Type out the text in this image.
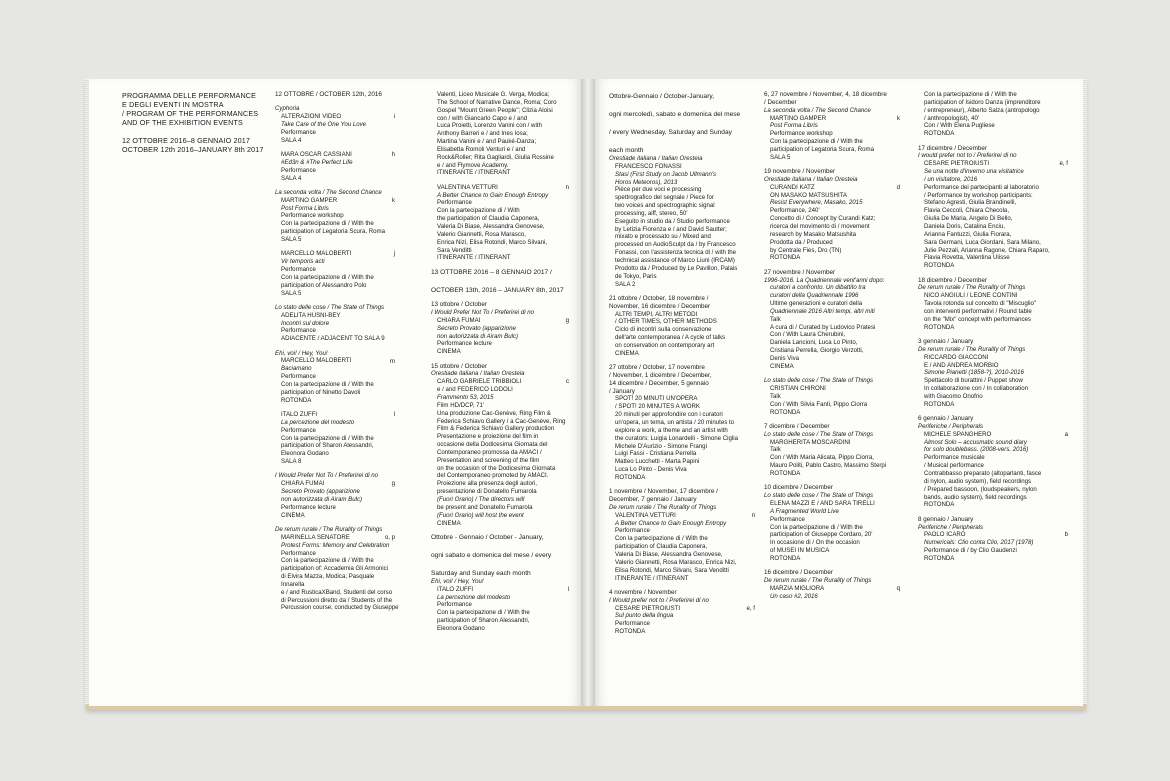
PROGRAMMA DELLE PERFORMANCE
E DEGLI EVENTI IN MOSTRA
/ PROGRAM OF THE PERFORMANCES
AND OF THE EXHIBITION EVENTS
12 OTTOBRE 2016–8 GENNAIO 2017
OCTOBER 12th 2016–JANUARY 8th 2017
12 OTTOBRE / OCTOBER 12th, 2016
Cyphoria
ALTERAZIONI VIDEO	i
Take Care of the One You Love
Performance
SALA 4
MARA OSCAR CASSIANI	h
#Ed3n & #The Perfect Life
Performance
SALA 4
La seconda volta / The Second Chance
MARTINO GAMPER	k
Post Forma Libris
Performance workshop
Con la partecipazione di / With the
participation of Legatoria Scura, Roma
SALA 5
MARCELLO MALOBERTI	j
Vir temporis acti
Performance
Con la partecipazione di / With the
participation of Alessandro Polo
SALA 5
Lo stato delle cose / The State of Things
ADELITA HUSNI-BEY
Incontri sul dolore
Performance
ADIACENTE / ADJACENT TO SALA 9
Ehi, voi! / Hey, You!
MARCELLO MALOBERTI	m
Baciamano
Performance
Con la partecipazione di / With the
participation of Ninetto Davoli
ROTONDA
ITALO ZUFFI	l
La percezione del modesto
Performance
Con la partecipazione di / With the
participation of Sharon Alessandri,
Eleonora Godano
SALA 8
I Would Prefer Not To / Preferirei di no
CHIARA FUMAI	g
Secreto Provato (apparizione
non autorizzata di Airam Bulc)
Performance lecture
CINEMA
De rerum rurale / The Rurality of Things
MARINELLA SENATORE	o, p
Protest Forms: Memory and Celebration
Performance
Con la partecipazione di / With the
participation of: Accademia Gli Armonici
di Elvira Mazza, Modica; Pasquale Innarella
e / and RusticaXBand, Studenti del corso
di Percussioni diretto da / Students of the
Percussion course, conducted by Giuseppe
Valenti, Liceo Musicale G. Verga, Modica;
The School of Narrative Dance, Roma; Coro
Gospel "Mount Green People"; Clizia Aloisi
con / with Giancarlo Capo e / and
Luca Proietti, Lorenzo Vanini con / with
Anthony Barreri e / and Ines Iosa;
Martina Vanini e / and Pauké-Danza;
Elisabetta Romoli Venturi e / and
Rock&Roller; Rita Gagliardi, Giulia Rossine
e / and Flymove Academy.
ITINERANTE / ITINERANT
VALENTINA VETTURI	n
A Better Chance to Gain Enough Entropy
Performance
Con la partecipazione di / With
the participation of Claudia Caponera,
Valeria Di Biase, Alessandra Genovese,
Valerio Giannetti, Rosa Marasco,
Enrica Nizi, Elisa Rotondi, Marco Silvani,
Sara Venditti
ITINERANTE / ITINERANT
13 OTTOBRE 2016 – 8 GENNAIO 2017 /
OCTOBER 13th, 2016 – JANUARY 8th, 2017
13 ottobre / October
I Would Prefer Not To / Preferirei di no
CHIARA FUMAI	g
Secreto Provato (apparizione
non autorizzata di Airam Bulc)
Performance lecture
CINEMA
15 ottobre / October
Orestiade italiana / Italian Oresteia
CARLO GABRIELE TRIBBIOLI	c
e / and FEDERICO LODOLI
Frammento 53, 2015
Film HD/DCP, 71'
Una produzione Cac-Genève, Ring Film &
Federica Schiavo Gallery / a Cac-Genève, Ring
Film & Federica Schiavo Gallery production
Presentazione e proiezione del film in
occasione della Dodicesima Giornata del
Contemporaneo promossa da AMACI /
Presentation and screening of the film
on the occasion of the Dodicesima Giornata
del Contemporaneo promoted by AMACI.
Proiezione alla presenza degli autori,
presentazione di Donatello Fumarola
(Fuori Orario) / The directors will
be present and Donatello Fumarola
(Fuori Orario) will host the event
CINEMA
Ottobre - Gennaio / October - January,
ogni sabato e domenica del mese / every
Saturday and Sunday each month
Ehi, voi! / Hey, You!
ITALO ZUFFI	l
La percezione del modesto
Performance
Con la partecipazione di / With the
participation of Sharon Alessandri,
Eleonora Godano
Ottobre-Gennaio / October-January,
ogni mercoledì, sabato e domenica del mese
/ every Wednesday, Saturday and Sunday
each month
Orestiade italiana / Italian Oresteia
FRANCESCO FONASSI
Stasi (First Study on Jacob Ullmann's
Horos Meteoros), 2013
Pièce per due voci e processing
spettrografico del segnale / Piece for
two voices and spectrographic signal
processing, aiff, stereo, 50'
Eseguito in studio da / Studio performance
by Letizia Fiorenza e / and David Sautter;
mixato e processato su / Mixed and
processed on AudioSculpt da / by Francesco
Fonassi, con l'assistenza tecnica di / with the
technical assistance of Marco Liuni (IRCAM)
Prodotto da / Produced by Le Pavillon, Palais
de Tokyo, Paris
SALA 2
21 ottobre / October, 18 novembre /
November, 16 dicembre / December
ALTRI TEMPI, ALTRI METODI
/ OTHER TIMES, OTHER METHODS
Ciclo di incontri sulla conservazione
dell'arte contemporanea / A cycle of talks
on conservation on contemporary art
CINEMA
27 ottobre / October, 17 novembre
/ November, 1 dicembre / December,
14 dicembre / December, 5 gennaio
/ January
SPOT! 20 MINUTI UN'OPERA
/ SPOT! 20 MINUTES A WORK
20 minuti per approfondire con i curatori
un'opera, un tema, un artista / 20 minutes to
explore a work, a theme and an artist with
the curators: Luigia Lonardelli - Simone Ciglia
Michele D'Aurizio - Simone Frangi
Luigi Fassi - Cristiana Perrella
Matteo Lucchetti - Marta Papini
Luca Lo Pinto - Denis Viva
ROTONDA
1 novembre / November, 17 dicembre /
December, 7 gennaio / January
De rerum rurale / The Rurality of Things
VALENTINA VETTURI	n
A Better Chance to Gain Enough Entropy
Performance
Con la partecipazione di / With the
participation of Claudia Caponera,
Valeria Di Biase, Alessandra Genovese,
Valerio Giannetti, Rosa Marasco, Enrica Nizi,
Elisa Rotondi, Marco Silvani, Sara Venditti
ITINERANTE / ITINERANT
4 novembre / November
I Would prefer not to / Preferirei di no
CESARE PIETROIUSTI	e, f
Sul punto della lingua
Performance
ROTONDA
6, 27 novembre / November, 4, 18 dicembre
/ December
La seconda volta / The Second Chance
MARTINO GAMPER	k
Post Forma Libris
Performance workshop
Con la partecipazione di / With the
participation of Legatoria Scura, Roma
SALA 5
19 novembre / November
Orestiade italiana / Italian Oresteia
CURANDI KATZ	d
ON MASAKO MATSUSHITA
Resist Everywhere, Masako, 2015
Performance, 240'
Concetto di / Concept by Curandi Katz;
ricerca del movimento di / movement
research by Masako Matsushita
Prodotta da / Produced
by Centrale Fies, Dro (TN)
ROTONDA
27 novembre / November
1996-2016. La Quadriennale vent'anni dopo:
curatori a confronto. Un dibattito tra
curatori della Quadriennale 1996
Ultime generazioni e curatori della
Quadriennale 2016 Altri tempi, altri miti
Talk
A cura di / Curated by Ludovico Pratesi
Con / With Laura Cherubini,
Daniela Lancioni, Luca Lo Pinto,
Cristiana Perrella, Giorgio Verzotti,
Denis Viva
CINEMA
Lo stato delle cose / The State of Things
CRISTIAN CHIRONI
Talk
Con / With Silvia Fanti, Pippo Ciorra
ROTONDA
7 dicembre / December
Lo stato delle cose / The State of Things
MARGHERITA MOSCARDINI
Talk
Con / With Maria Alicata, Pippo Ciorra,
Mauro Politi, Pablo Castro, Massimo Sterpi
ROTONDA
10 dicembre / December
Lo stato delle cose / The State of Things
ELENA MAZZI E / AND SARA TIRELLI
A Fragmented World Live
Performance
Con la partecipazione di / With the
participation of Giuseppe Cordaro, 20'
In occasione di / On the occasion
of MUSEI IN MUSICA
ROTONDA
16 dicembre / December
De rerum rurale / The Rurality of Things
MARZIA MIGLIORA	q
Un caso #2, 2016
Con la partecipazione di / With the
participation of Isidoro Danza (imprenditore
/ entrepreneur), Alberto Salza (antropologo
/ anthropologist), 40'
Con / With Elena Pugliese
ROTONDA
17 dicembre / December
I would prefer not to / Preferirei di no
CESARE PIETROIUSTI	e, f
Se una notte d'inverno una visitatrice
/ un visitatore, 2016
Performance dei partecipanti al laboratorio
/ Performance by workshop participants:
Stefano Agresti, Giulia Brandinelli,
Flavia Ceccoli, Chiara Checola,
Giulia De Maria, Angelo Di Bello,
Daniela Doris, Catalina Enciu,
Arianna Fantuzzi, Giulia Fiorara,
Sara Germani, Luca Giordani, Sara Milano,
Julie Pezzali, Arianna Ragone, Chiara Raparo,
Flavia Rovetta, Valentina Ulisse
ROTONDA
18 dicembre / December
De rerum rurale / The Rurality of Things
NICO ANGIULI / LEONE CONTINI
Tavola rotonda sul concetto di "Miscuglio"
con interventi performativi / Round table
on the "Mix" concept with performances
ROTONDA
3 gennaio / January
De rerum rurale / The Rurality of Things
RICCARDO GIACCONI
E / AND ANDREA MORBIO
Simone Pianetti (1858-?), 2010-2016
Spettacolo di burattini / Puppet show
In collaborazione con / In collaboration
with Giacomo Onofrio
ROTONDA
6 gennaio / January
Periferiche / Peripherals
MICHELE SPANGHERO	a
Almost Solo – accusmatic sound diary
for solo doublebass. (2008-vers. 2016)
Performance musicale
/ Musical performance
Contrabbasso preparato (altoparlanti, fasce
di nylon, audio system), field recordings
/ Prepared bassoon, (loudspeakers, nylon
bands, audio system), field recordings
ROTONDA
8 gennaio / January
Periferiche / Peripherals
PAOLO ICARO	b
Numericals: Clio conta Clio, 2017 (1978)
Performance di / by Clio Gaudenzi
ROTONDA
